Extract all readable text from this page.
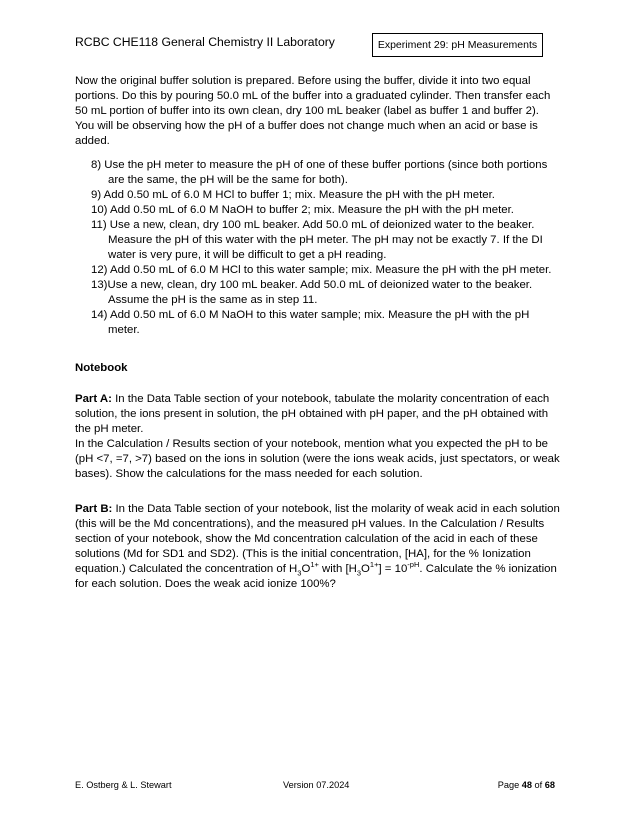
RCBC CHE118 General Chemistry II Laboratory	Experiment 29: pH Measurements

Now the original buffer solution is prepared. Before using the buffer, divide it into two equal portions. Do this by pouring 50.0 mL of the buffer into a graduated cylinder. Then transfer each 50 mL portion of buffer into its own clean, dry 100 mL beaker (label as buffer 1 and buffer 2). You will be observing how the pH of a buffer does not change much when an acid or base is added.

8) Use the pH meter to measure the pH of one of these buffer portions (since both portions are the same, the pH will be the same for both).
9) Add 0.50 mL of 6.0 M HCl to buffer 1; mix. Measure the pH with the pH meter.
10) Add 0.50 mL of 6.0 M NaOH to buffer 2; mix. Measure the pH with the pH meter.
11) Use a new, clean, dry 100 mL beaker. Add 50.0 mL of deionized water to the beaker. Measure the pH of this water with the pH meter. The pH may not be exactly 7. If the DI water is very pure, it will be difficult to get a pH reading.
12) Add 0.50 mL of 6.0 M HCl to this water sample; mix. Measure the pH with the pH meter.
13)Use a new, clean, dry 100 mL beaker. Add 50.0 mL of deionized water to the beaker. Assume the pH is the same as in step 11.
14) Add 0.50 mL of 6.0 M NaOH to this water sample; mix. Measure the pH with the pH meter.
Notebook

Part A: In the Data Table section of your notebook, tabulate the molarity concentration of each solution, the ions present in solution, the pH obtained with pH paper, and the pH obtained with the pH meter.
In the Calculation / Results section of your notebook, mention what you expected the pH to be (pH <7, =7, >7) based on the ions in solution (were the ions weak acids, just spectators, or weak bases). Show the calculations for the mass needed for each solution.

Part B: In the Data Table section of your notebook, list the molarity of weak acid in each solution (this will be the Md concentrations), and the measured pH values. In the Calculation / Results section of your notebook, show the Md concentration calculation of the acid in each of these solutions (Md for SD1 and SD2). (This is the initial concentration, [HA], for the % Ionization equation.) Calculated the concentration of $H_3O^{1+}$ with $[H_3O^{1+}] = 10^{-pH}$. Calculate the % ionization for each solution. Does the weak acid ionize 100%?

E. Ostberg & L. Stewart	Version 07.2024	Page 48 of 68
